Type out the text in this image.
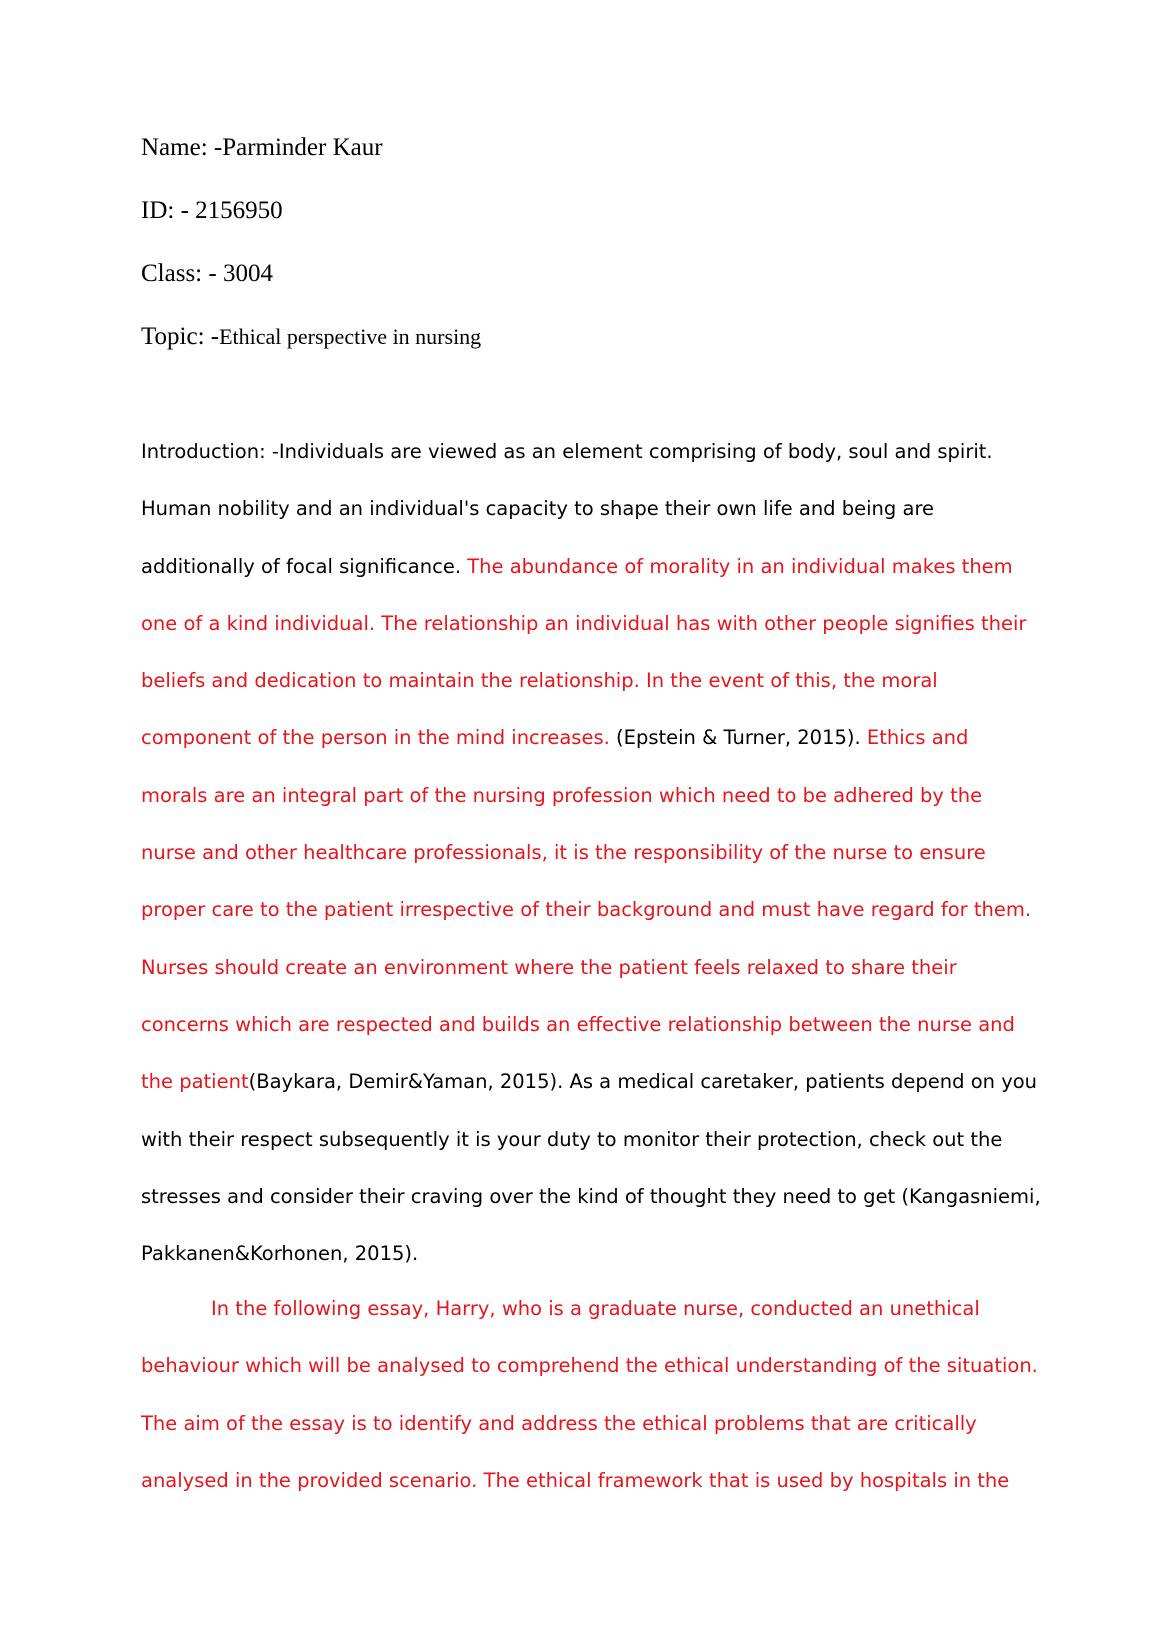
Name: -Parminder Kaur
ID: - 2156950
Class: - 3004
Topic: -Ethical perspective in nursing

Introduction: -Individuals are viewed as an element comprising of body, soul and spirit. Human nobility and an individual's capacity to shape their own life and being are additionally of focal significance. The abundance of morality in an individual makes them one of a kind individual. The relationship an individual has with other people signifies their beliefs and dedication to maintain the relationship. In the event of this, the moral component of the person in the mind increases. (Epstein & Turner, 2015). Ethics and morals are an integral part of the nursing profession which need to be adhered by the nurse and other healthcare professionals, it is the responsibility of the nurse to ensure proper care to the patient irrespective of their background and must have regard for them. Nurses should create an environment where the patient feels relaxed to share their concerns which are respected and builds an effective relationship between the nurse and the patient(Baykara, Demir&Yaman, 2015). As a medical caretaker, patients depend on you with their respect subsequently it is your duty to monitor their protection, check out the stresses and consider their craving over the kind of thought they need to get (Kangasniemi, Pakkanen&Korhonen, 2015).

In the following essay, Harry, who is a graduate nurse, conducted an unethical behaviour which will be analysed to comprehend the ethical understanding of the situation. The aim of the essay is to identify and address the ethical problems that are critically analysed in the provided scenario. The ethical framework that is used by hospitals in the
